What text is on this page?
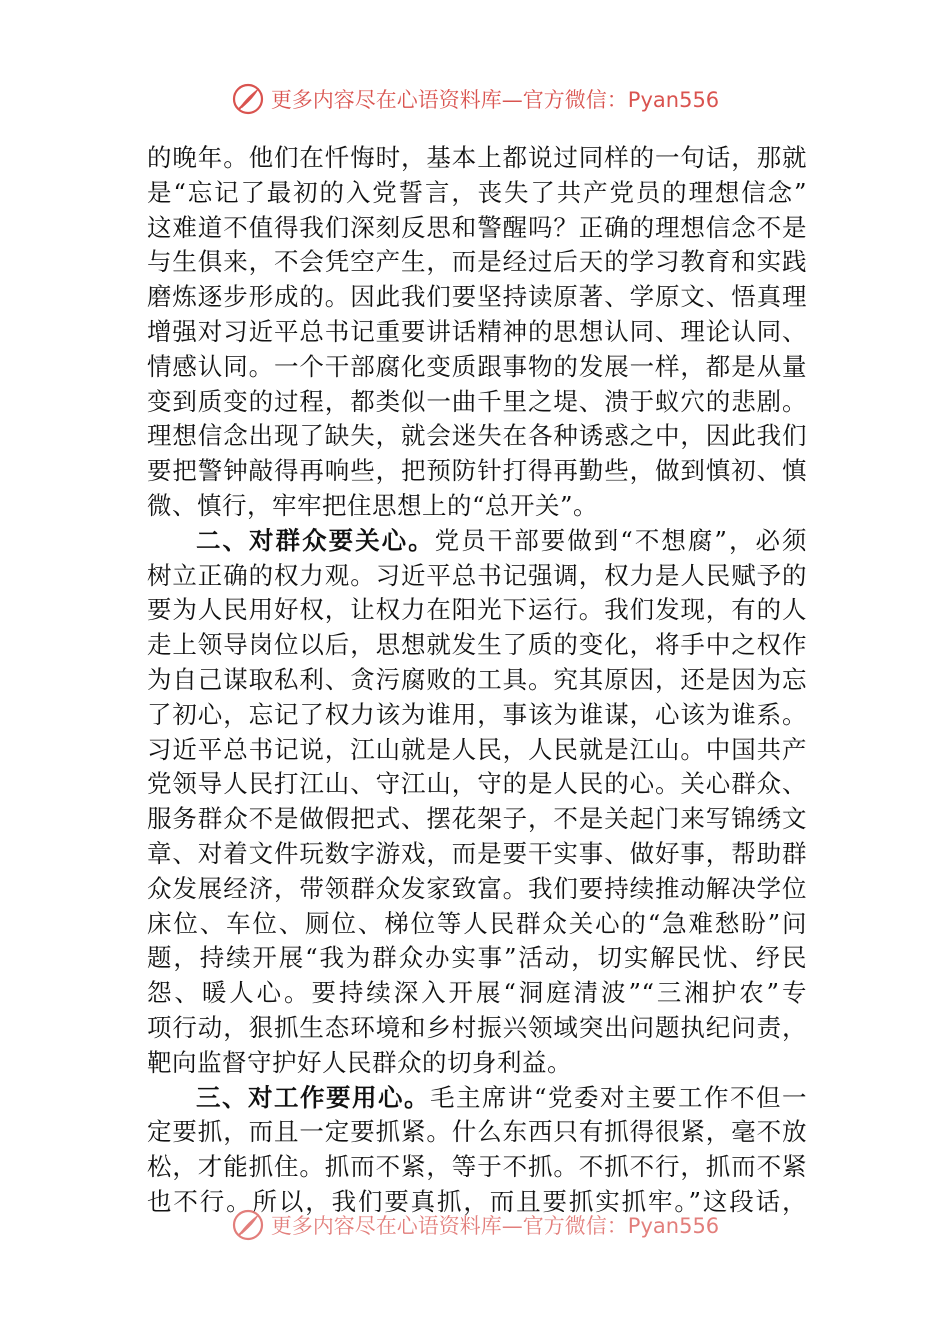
更多内容尽在心语资料库—官方微信：Pyan556
的晚年。他们在忏悔时，基本上都说过同样的一句话，那就
是“忘记了最初的入党誓言，丧失了共产党员的理想信念”
这难道不值得我们深刻反思和警醒吗？正确的理想信念不是
与生俱来，不会凭空产生，而是经过后天的学习教育和实践
磨炼逐步形成的。因此我们要坚持读原著、学原文、悟真理
增强对习近平总书记重要讲话精神的思想认同、理论认同、
情感认同。一个干部腐化变质跟事物的发展一样，都是从量
变到质变的过程，都类似一曲千里之堤、溃于蚁穴的悲剧。
理想信念出现了缺失，就会迷失在各种诱惑之中，因此我们
要把警钟敲得再响些，把预防针打得再勤些，做到慎初、慎
微、慎行，牢牢把住思想上的“总开关”。
二、对群众要关心。党员干部要做到“不想腐”，必须
树立正确的权力观。习近平总书记强调，权力是人民赋予的
要为人民用好权，让权力在阳光下运行。我们发现，有的人
走上领导岗位以后，思想就发生了质的变化，将手中之权作
为自己谋取私利、贪污腐败的工具。究其原因，还是因为忘
了初心，忘记了权力该为谁用，事该为谁谋，心该为谁系。
习近平总书记说，江山就是人民，人民就是江山。中国共产
党领导人民打江山、守江山，守的是人民的心。关心群众、
服务群众不是做假把式、摆花架子，不是关起门来写锦绣文
章、对着文件玩数字游戏，而是要干实事、做好事，帮助群
众发展经济，带领群众发家致富。我们要持续推动解决学位
床位、车位、厕位、梯位等人民群众关心的“急难愁盼”问
题，持续开展“我为群众办实事”活动，切实解民忧、纾民
怨、暖人心。要持续深入开展“洞庭清波”“三湘护农”专
项行动，狠抓生态环境和乡村振兴领域突出问题执纪问责，
靶向监督守护好人民群众的切身利益。
三、对工作要用心。毛主席讲“党委对主要工作不但一
定要抓，而且一定要抓紧。什么东西只有抓得很紧，毫不放
松，才能抓住。抓而不紧，等于不抓。不抓不行，抓而不紧
也不行。所以，我们要真抓，而且要抓实抓牢。”这段话，
更多内容尽在心语资料库—官方微信：Pyan556
